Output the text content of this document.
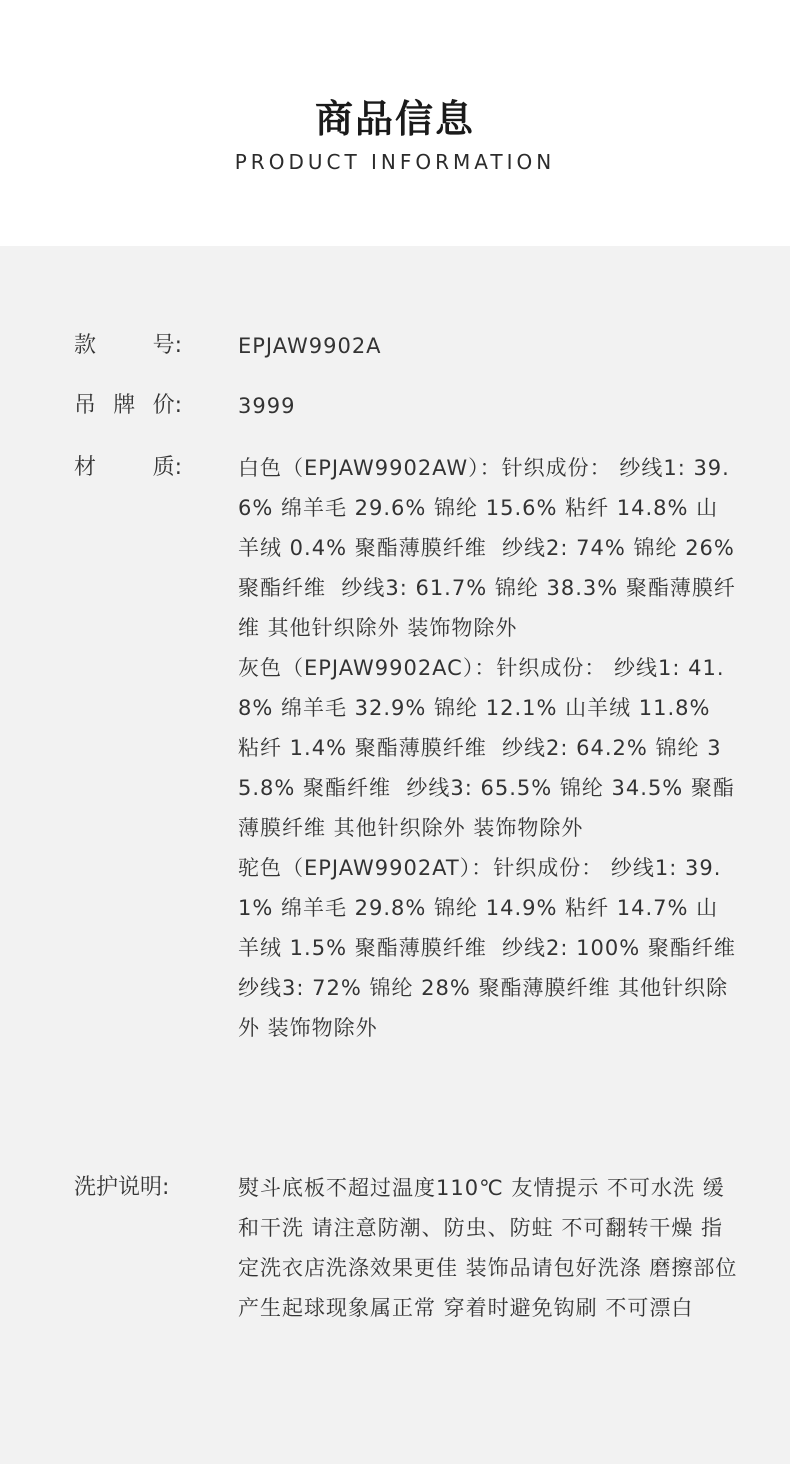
商品信息
PRODUCT INFORMATION
款	号:	EPJAW9902A
吊 牌 价:	3999
材	质:	白色（EPJAW9902AW）：针织成份： 纱线1: 39.6% 绵羊毛 29.6% 锦纶 15.6% 粘纤 14.8% 山羊绒 0.4% 聚酯薄膜纤维  纱线2: 74% 锦纶 26% 聚酯纤维  纱线3: 61.7% 锦纶 38.3% 聚酯薄膜纤维 其他针织除外 装饰物除外

灰色（EPJAW9902AC）：针织成份： 纱线1: 41.8% 绵羊毛 32.9% 锦纶 12.1% 山羊绒 11.8% 粘纤 1.4% 聚酯薄膜纤维  纱线2: 64.2% 锦纶 35.8% 聚酯纤维  纱线3: 65.5% 锦纶 34.5% 聚酯薄膜纤维 其他针织除外 装饰物除外

驼色（EPJAW9902AT）：针织成份： 纱线1: 39.1% 绵羊毛 29.8% 锦纶 14.9% 粘纤 14.7% 山羊绒 1.5% 聚酯薄膜纤维  纱线2: 100% 聚酯纤维  纱线3: 72% 锦纶 28% 聚酯薄膜纤维 其他针织除外 装饰物除外

洗护说明:	熨斗底板不超过温度110℃ 友情提示 不可水洗 缓和干洗 请注意防潮、防虫、防蛀 不可翻转干燥 指定洗衣店洗涤效果更佳 装饰品请包好洗涤 磨擦部位产生起球现象属正常 穿着时避免钩刷 不可漂白
